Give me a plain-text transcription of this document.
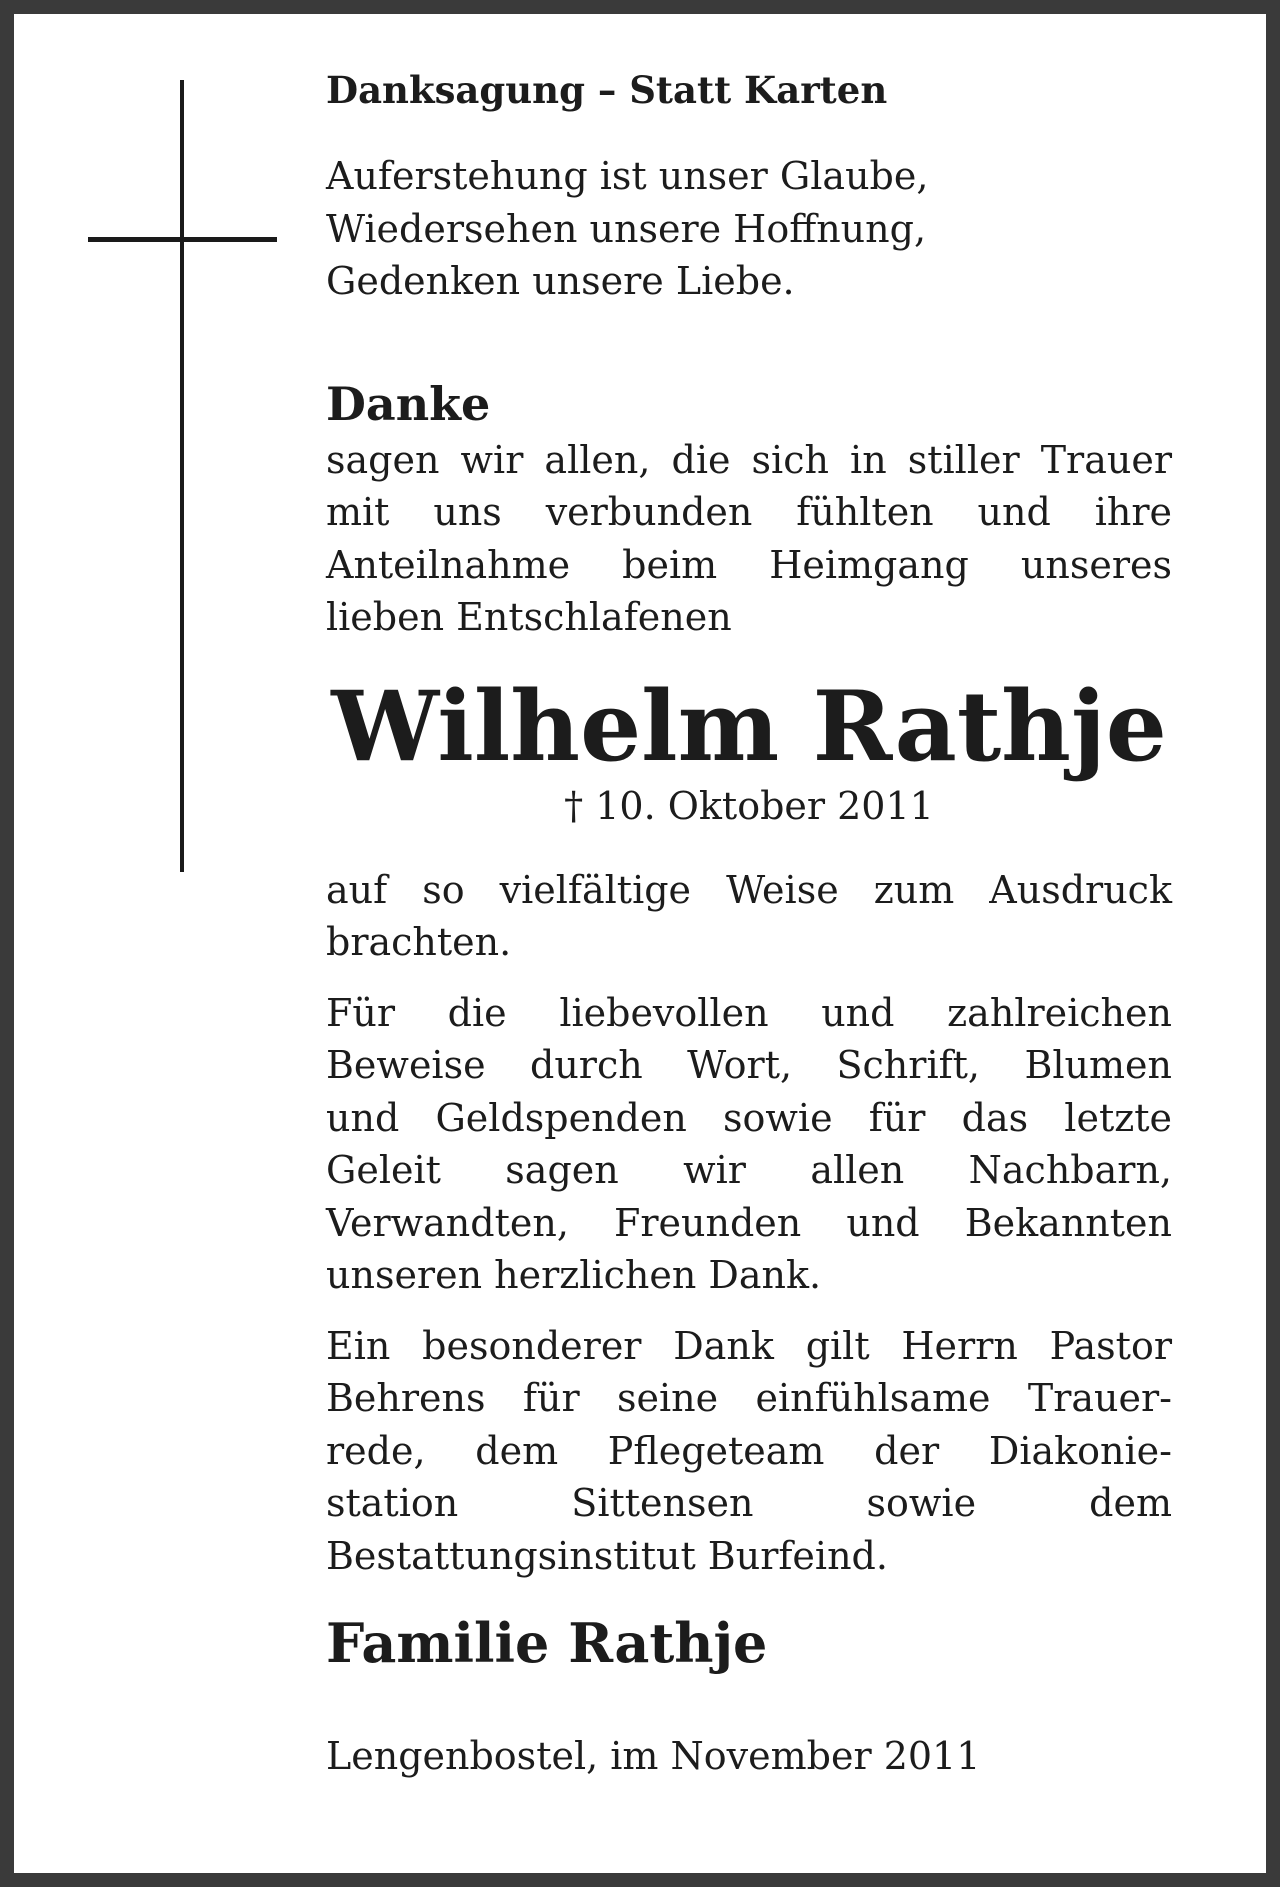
Danksagung – Statt Karten

Auferstehung ist unser Glaube,
Wiedersehen unsere Hoffnung,
Gedenken unsere Liebe.

Danke

sagen wir allen, die sich in stiller Trauer
mit uns verbunden fühlten und ihre
Anteilnahme beim Heimgang unseres
lieben Entschlafenen

Wilhelm Rathje

† 10. Oktober 2011

auf so vielfältige Weise zum Ausdruck
brachten.
Für die liebevollen und zahlreichen
Beweise durch Wort, Schrift, Blumen
und Geldspenden sowie für das letzte
Geleit sagen wir allen Nachbarn,
Verwandten, Freunden und Bekannten
unseren herzlichen Dank.
Ein besonderer Dank gilt Herrn Pastor
Behrens für seine einfühlsame Trauer-
rede, dem Pflegeteam der Diakonie-
station Sittensen sowie dem
Bestattungsinstitut Burfeind.

Familie Rathje

Lengenbostel, im November 2011
